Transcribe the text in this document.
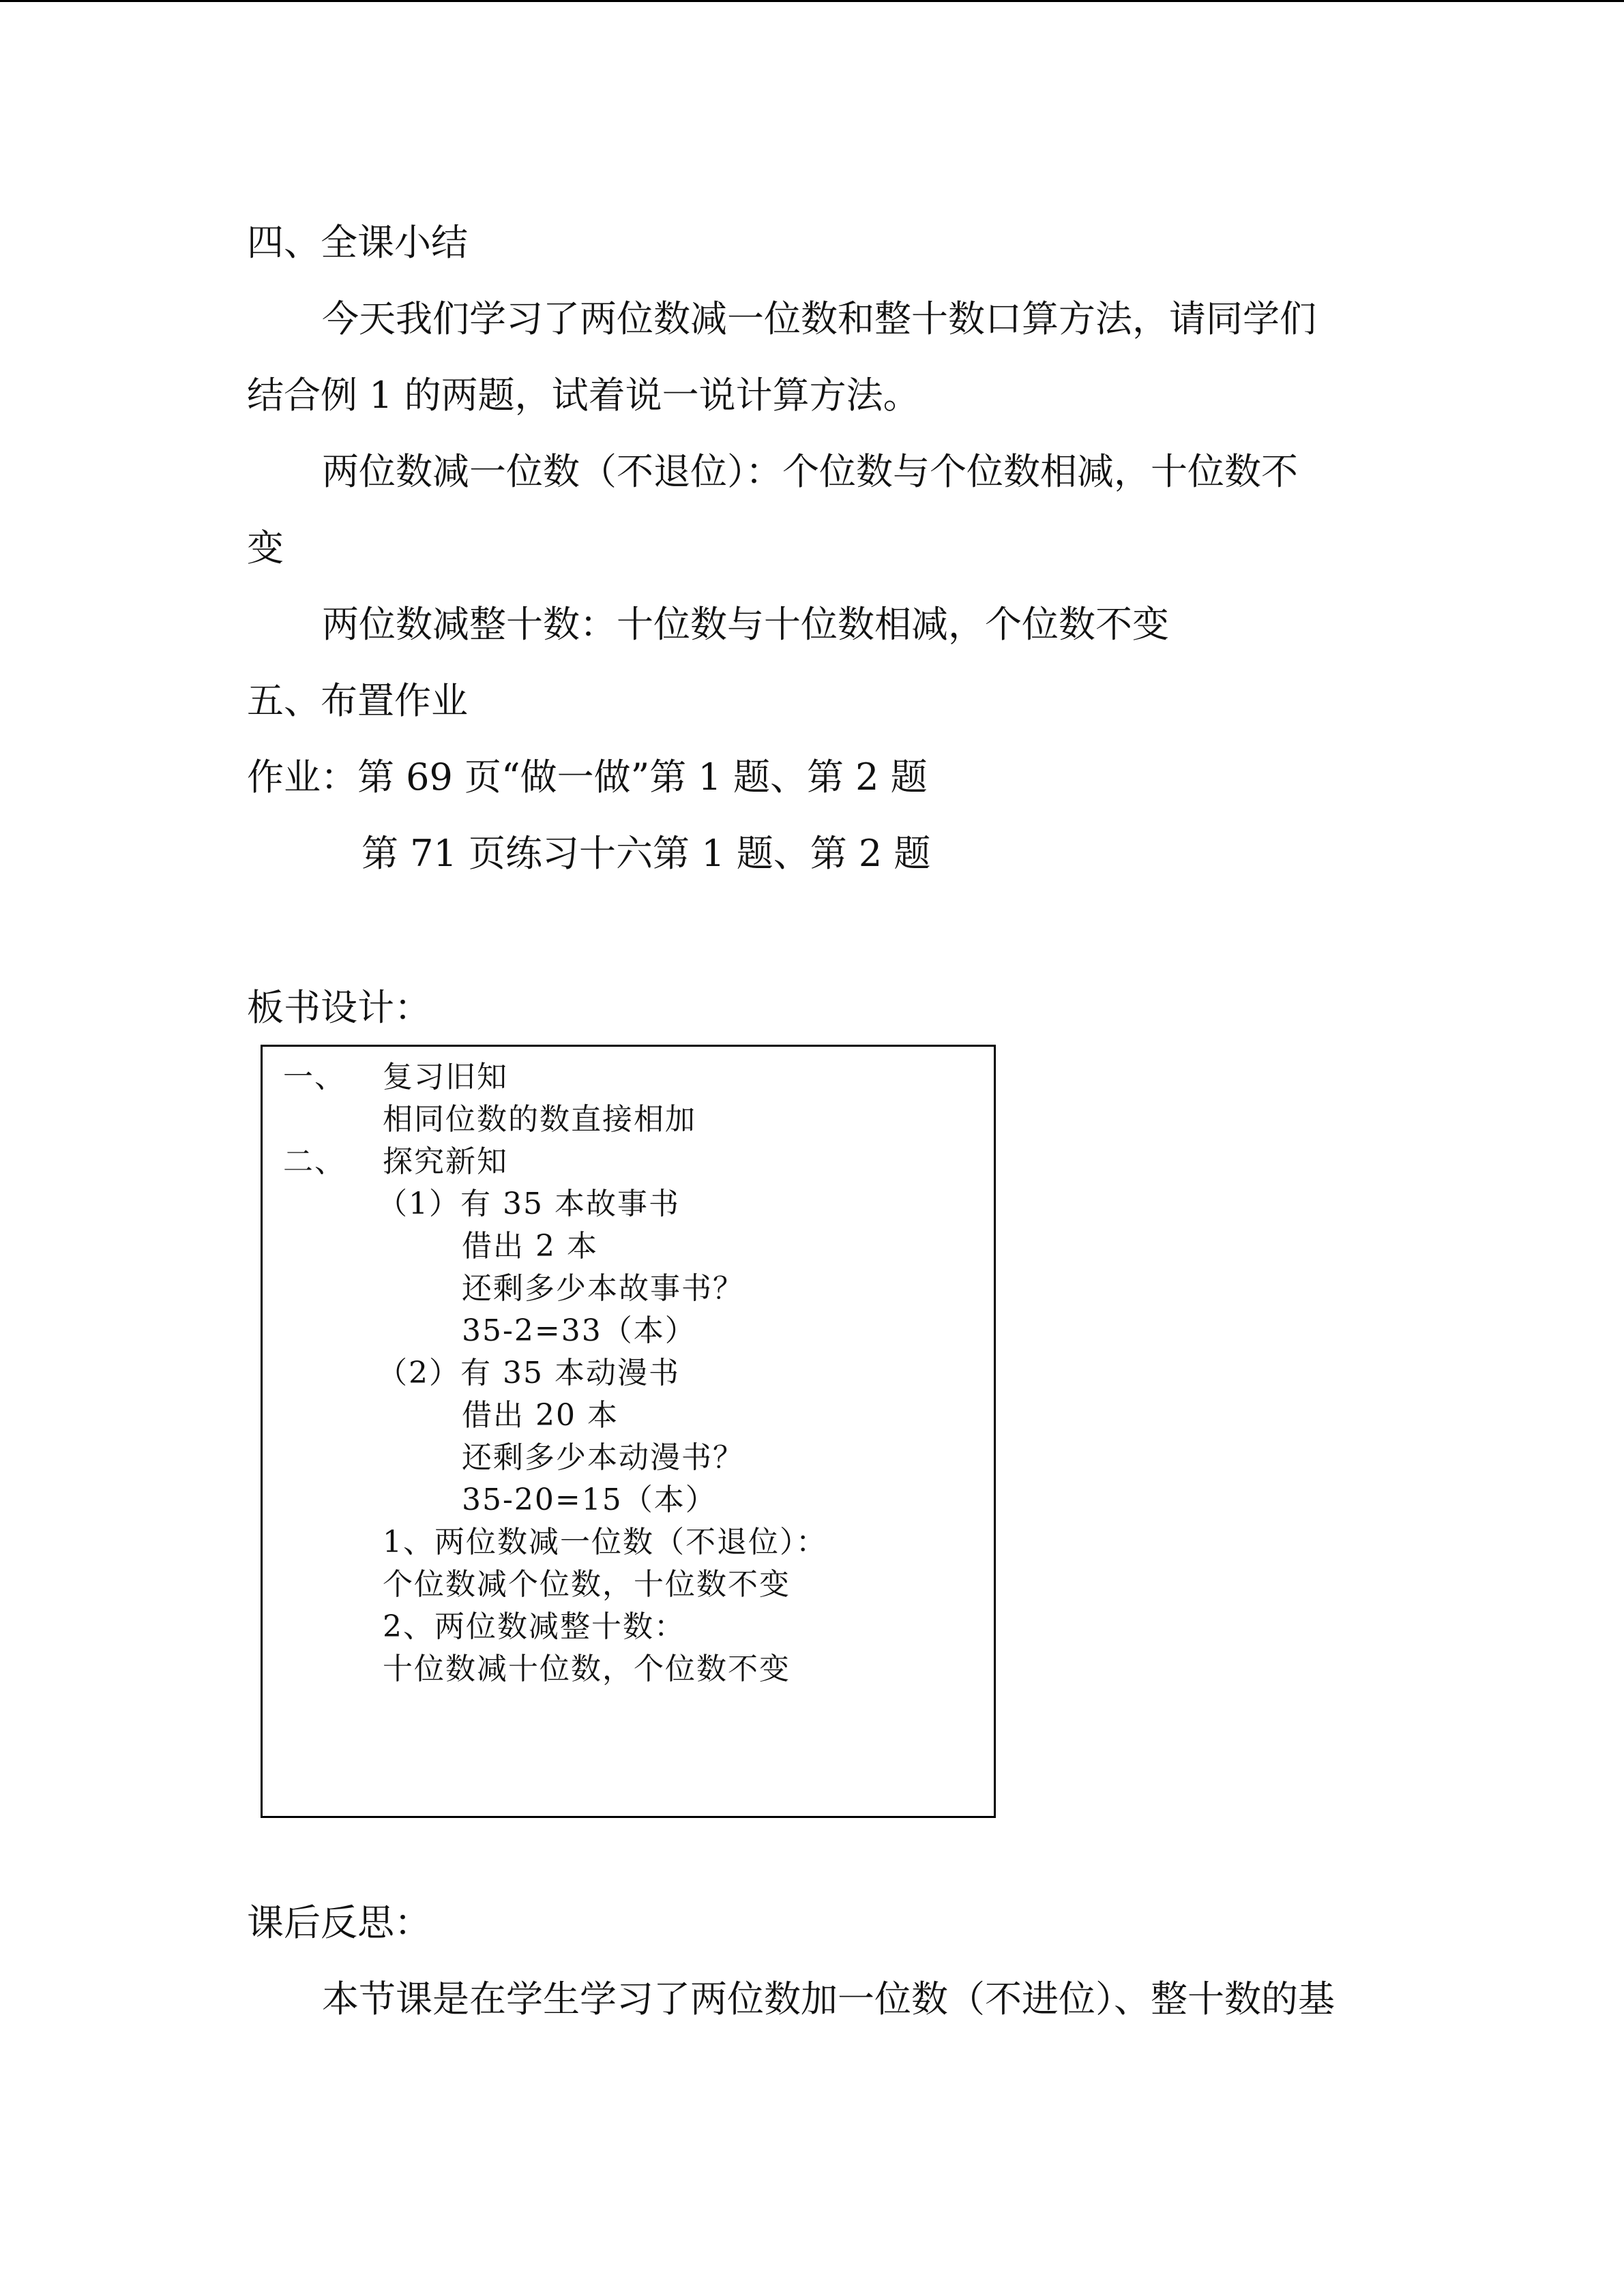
四、全课小结
今天我们学习了两位数减一位数和整十数口算方法，请同学们
结合例 1 的两题，试着说一说计算方法。
两位数减一位数（不退位）：个位数与个位数相减，十位数不
变
两位数减整十数：十位数与十位数相减，个位数不变
五、布置作业
作业：第 69 页“做一做”第 1 题、第 2 题
第 71 页练习十六第 1 题、第 2 题
板书设计：
一、 复习旧知
相同位数的数直接相加
二、 探究新知
（1）有 35 本故事书
借出 2 本
还剩多少本故事书？
35-2=33（本）
（2）有 35 本动漫书
借出 20 本
还剩多少本动漫书？
35-20=15（本）
1、两位数减一位数（不退位）：
个位数减个位数，十位数不变
2、两位数减整十数：
十位数减十位数，个位数不变
课后反思：
本节课是在学生学习了两位数加一位数（不进位）、整十数的基
